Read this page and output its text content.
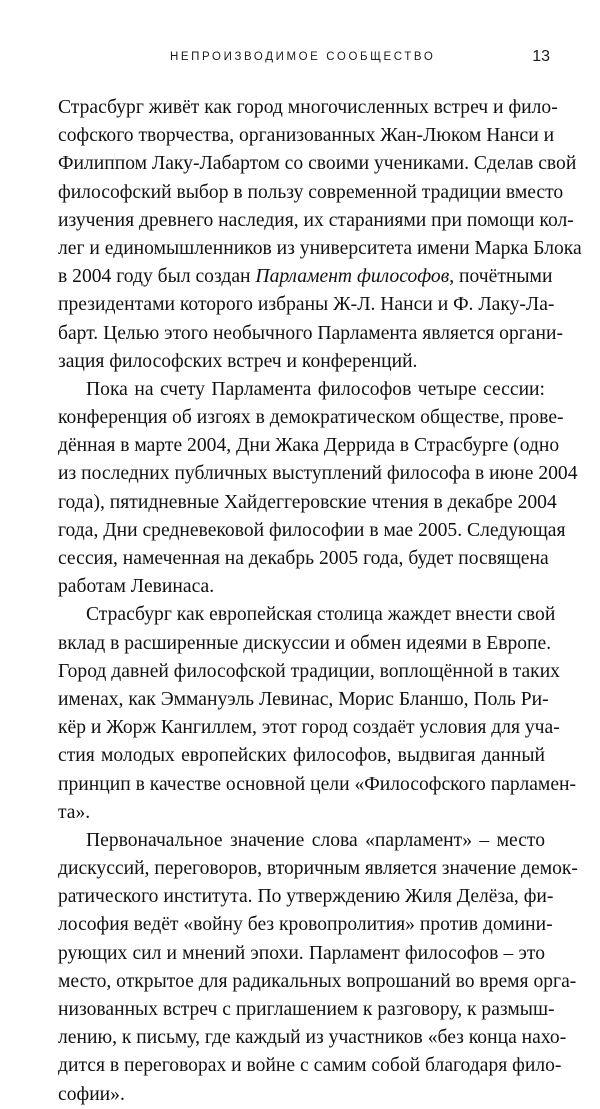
НЕПРОИЗВОДИМОЕ СООБЩЕСТВО	13
Страсбург живёт как город многочисленных встреч и фило-
софского творчества, организованных Жан-Люком Нанси и
Филиппом Лаку-Лабартом со своими учениками. Сделав свой
философский выбор в пользу современной традиции вместо
изучения древнего наследия, их стараниями при помощи кол-
лег и единомышленников из университета имени Марка Блока
в 2004 году был создан Парламент философов, почётными
президентами которого избраны Ж-Л. Нанси и Ф. Лаку-Ла-
барт. Целью этого необычного Парламента является органи-
зация философских встреч и конференций.
Пока на счету Парламента философов четыре сессии:
конференция об изгоях в демократическом обществе, прове-
дённая в марте 2004, Дни Жака Деррида в Страсбурге (одно
из последних публичных выступлений философа в июне 2004
года), пятидневные Хайдеггеровские чтения в декабре 2004
года, Дни средневековой философии в мае 2005. Следующая
сессия, намеченная на декабрь 2005 года, будет посвящена
работам Левинаса.
Страсбург как европейская столица жаждет внести свой
вклад в расширенные дискуссии и обмен идеями в Европе.
Город давней философской традиции, воплощённой в таких
именах, как Эммануэль Левинас, Морис Бланшо, Поль Ри-
кёр и Жорж Кангиллем, этот город создаёт условия для уча-
стия молодых европейских философов, выдвигая данный
принцип в качестве основной цели «Философского парламен-
та».
Первоначальное значение слова «парламент» – место
дискуссий, переговоров, вторичным является значение демок-
ратического института. По утверждению Жиля Делёза, фи-
лософия ведёт «войну без кровопролития» против домини-
рующих сил и мнений эпохи. Парламент философов – это
место, открытое для радикальных вопрошаний во время орга-
низованных встреч с приглашением к разговору, к размыш-
лению, к письму, где каждый из участников «без конца нахо-
дится в переговорах и войне с самим собой благодаря фило-
софии».
